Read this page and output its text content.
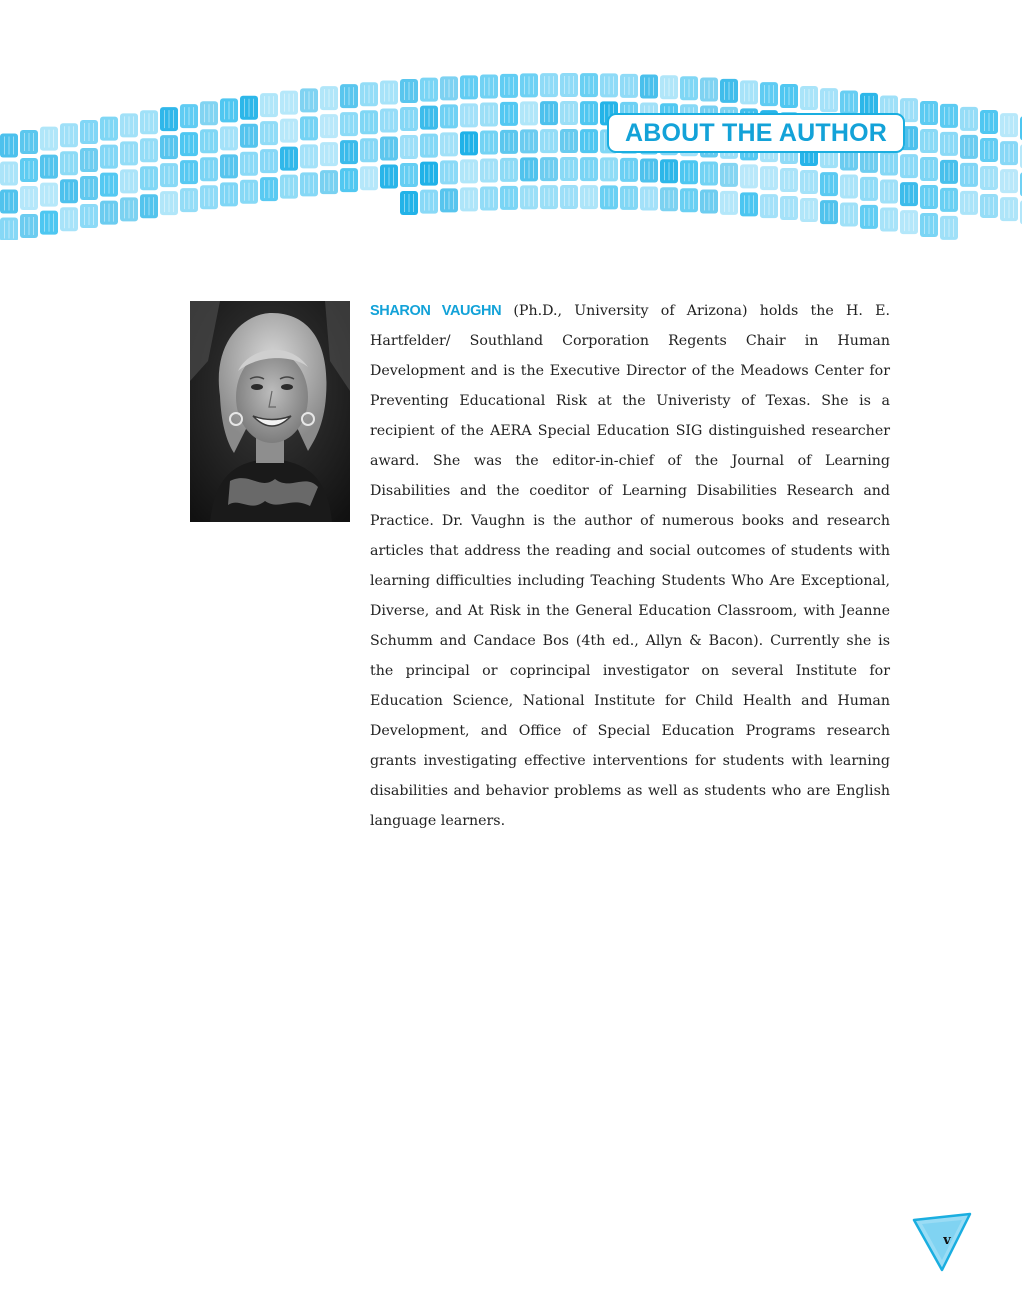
ABOUT THE AUTHOR

SHARON VAUGHN (Ph.D., University of Arizona) holds the H. E. Hartfelder/ Southland Corporation Regents Chair in Human Development and is the Executive Director of the Meadows Center for Preventing Educational Risk at the Univeristy of Texas. She is a recipient of the AERA Special Education SIG distinguished researcher award. She was the editor-in-chief of the Journal of Learning Disabilities and the coeditor of Learning Disabilities Research and Practice. Dr. Vaughn is the author of numerous books and research articles that address the reading and social outcomes of students with learning difficulties including Teaching Students Who Are Exceptional, Diverse, and At Risk in the General Education Classroom, with Jeanne Schumm and Candace Bos (4th ed., Allyn & Bacon). Currently she is the principal or coprincipal investigator on several Institute for Education Science, National Institute for Child Health and Human Development, and Office of Special Education Programs research grants investigating effective interventions for students with learning disabilities and behavior problems as well as students who are English language learners.

v
